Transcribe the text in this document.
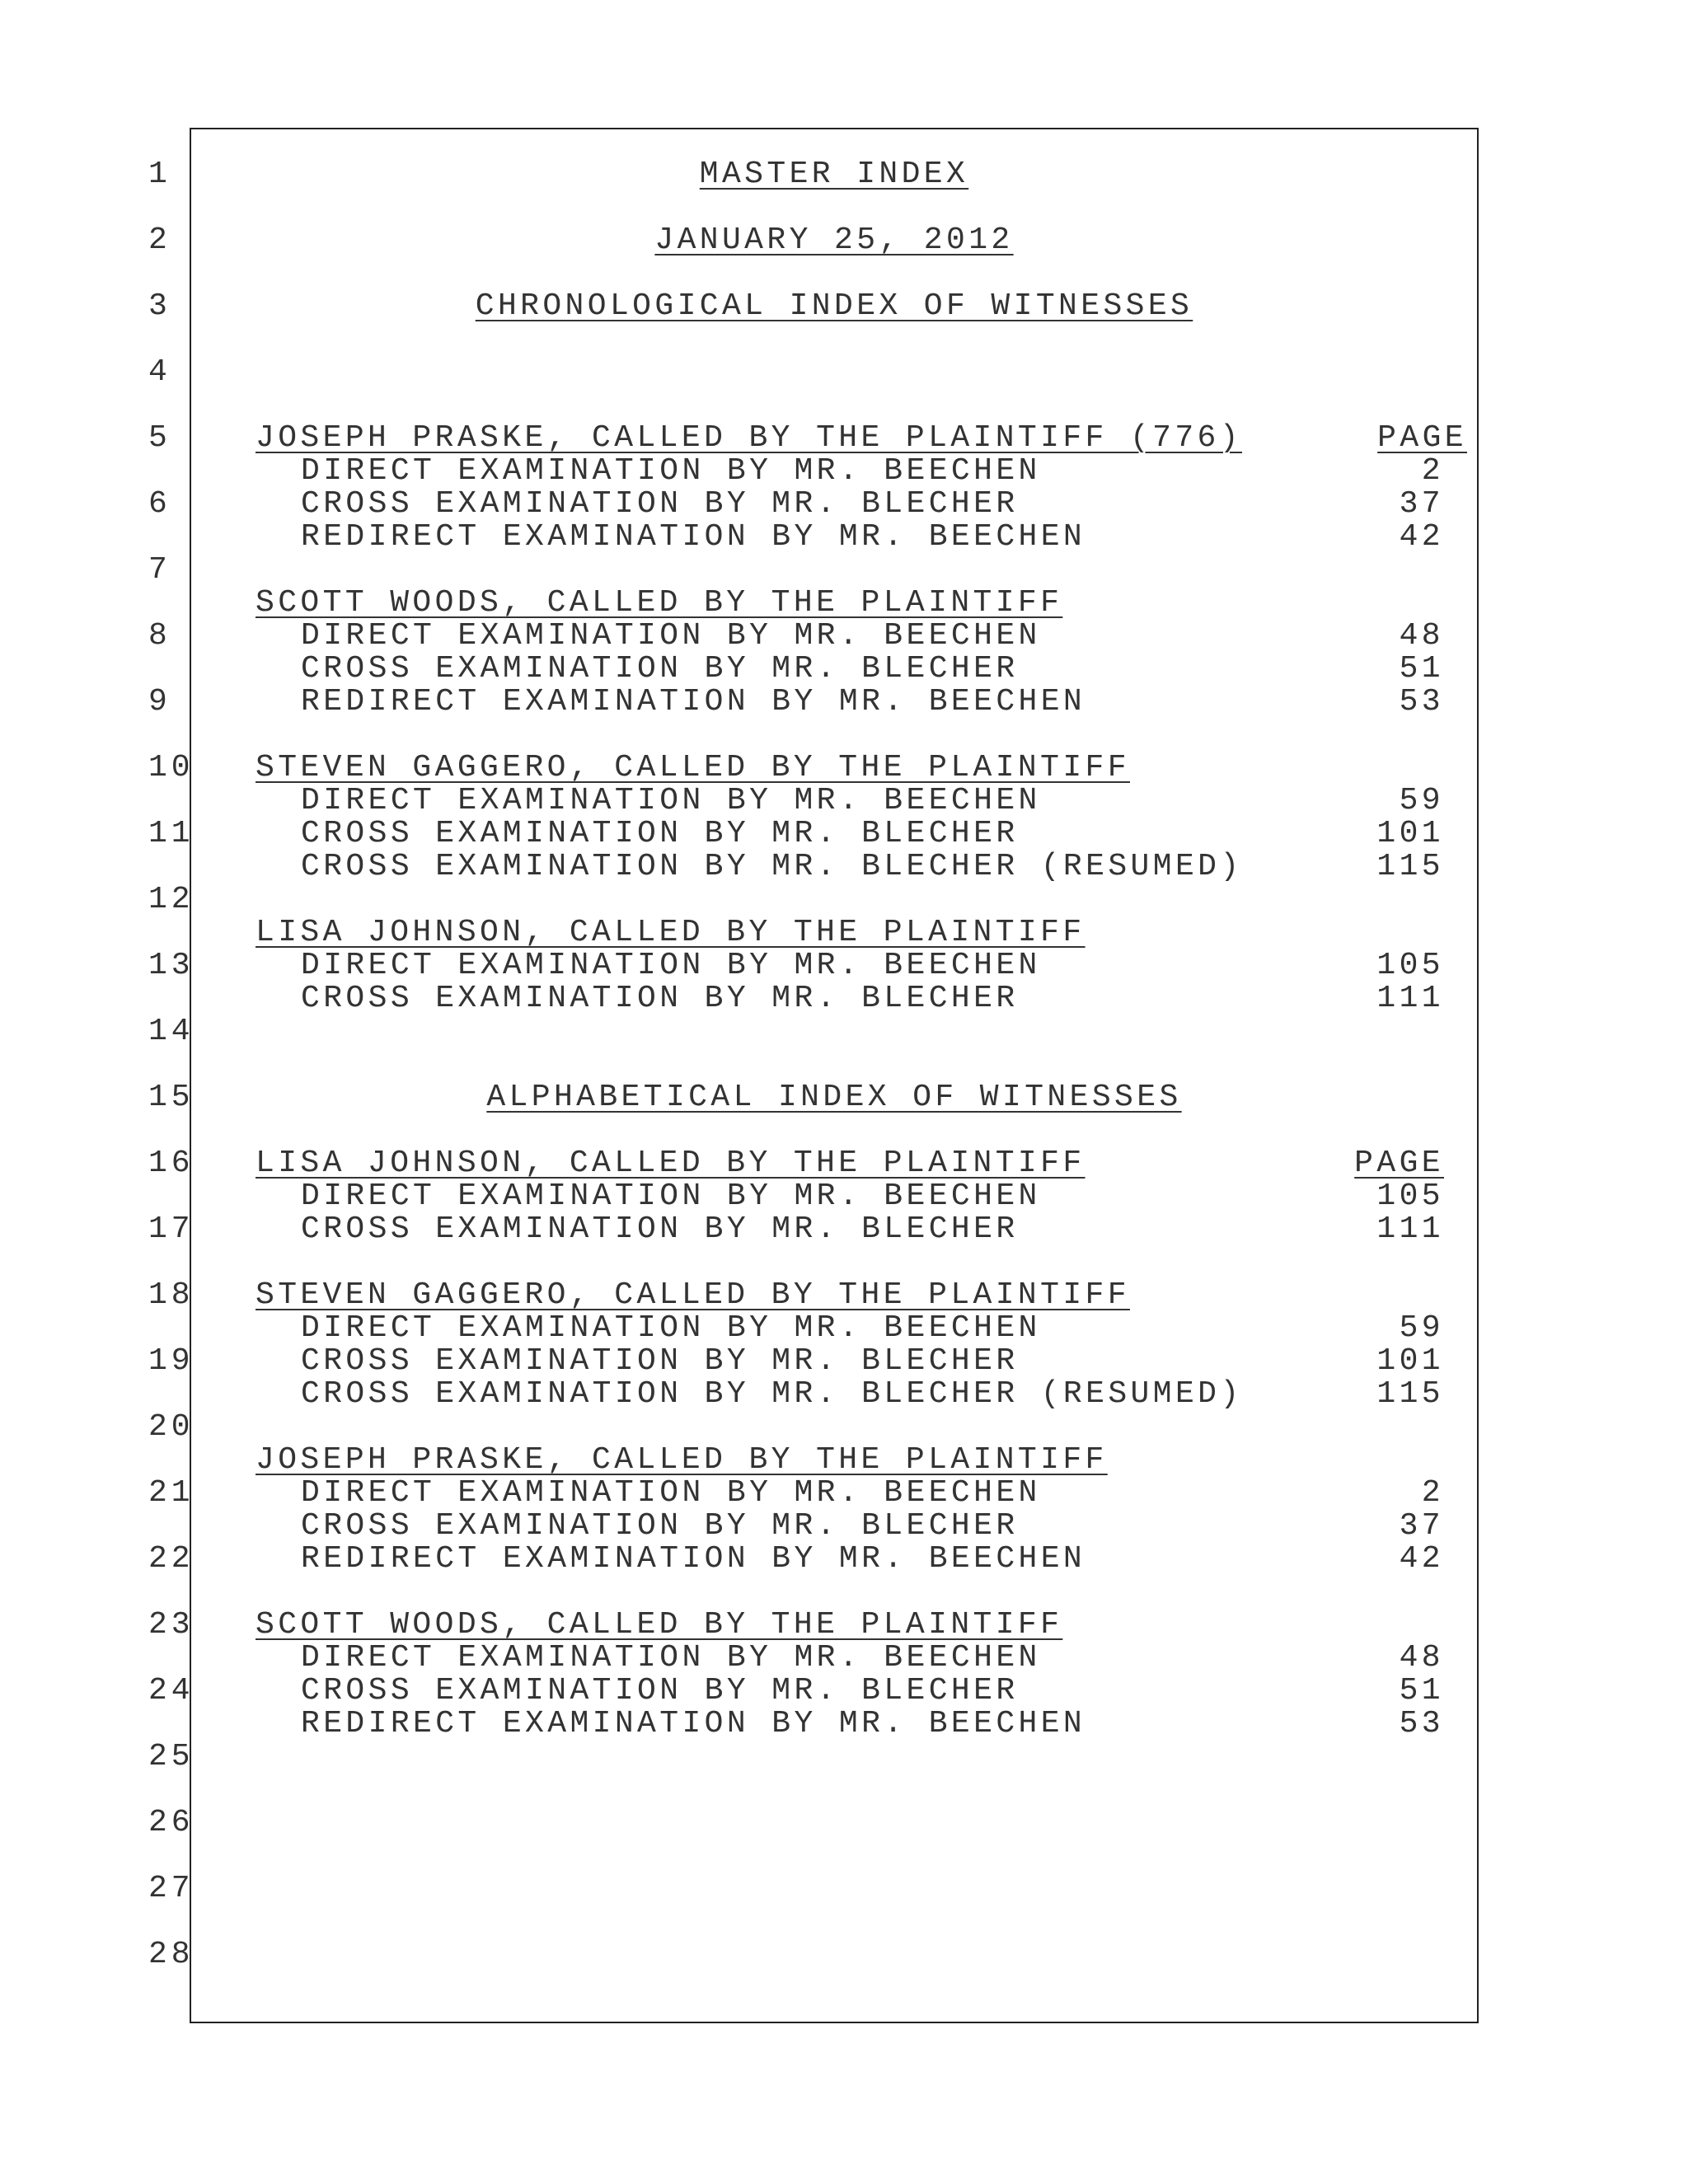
1
2
3
4
5
6
7
8
9
10
11
12
13
14
15
16
17
18
19
20
21
22
23
24
25
26
27
28
MASTER INDEX
JANUARY 25, 2012
CHRONOLOGICAL INDEX OF WITNESSES
JOSEPH PRASKE, CALLED BY THE PLAINTIFF (776)	PAGE
DIRECT EXAMINATION BY MR. BEECHEN	2
CROSS EXAMINATION BY MR. BLECHER	37
REDIRECT EXAMINATION BY MR. BEECHEN	42
SCOTT WOODS, CALLED BY THE PLAINTIFF
DIRECT EXAMINATION BY MR. BEECHEN	48
CROSS EXAMINATION BY MR. BLECHER	51
REDIRECT EXAMINATION BY MR. BEECHEN	53
STEVEN GAGGERO, CALLED BY THE PLAINTIFF
DIRECT EXAMINATION BY MR. BEECHEN	59
CROSS EXAMINATION BY MR. BLECHER	101
CROSS EXAMINATION BY MR. BLECHER (RESUMED)	115
LISA JOHNSON, CALLED BY THE PLAINTIFF
DIRECT EXAMINATION BY MR. BEECHEN	105
CROSS EXAMINATION BY MR. BLECHER	111
ALPHABETICAL INDEX OF WITNESSES
LISA JOHNSON, CALLED BY THE PLAINTIFF	PAGE
DIRECT EXAMINATION BY MR. BEECHEN	105
CROSS EXAMINATION BY MR. BLECHER	111
STEVEN GAGGERO, CALLED BY THE PLAINTIFF
DIRECT EXAMINATION BY MR. BEECHEN	59
CROSS EXAMINATION BY MR. BLECHER	101
CROSS EXAMINATION BY MR. BLECHER (RESUMED)	115
JOSEPH PRASKE, CALLED BY THE PLAINTIFF
DIRECT EXAMINATION BY MR. BEECHEN	2
CROSS EXAMINATION BY MR. BLECHER	37
REDIRECT EXAMINATION BY MR. BEECHEN	42
SCOTT WOODS, CALLED BY THE PLAINTIFF
DIRECT EXAMINATION BY MR. BEECHEN	48
CROSS EXAMINATION BY MR. BLECHER	51
REDIRECT EXAMINATION BY MR. BEECHEN	53
